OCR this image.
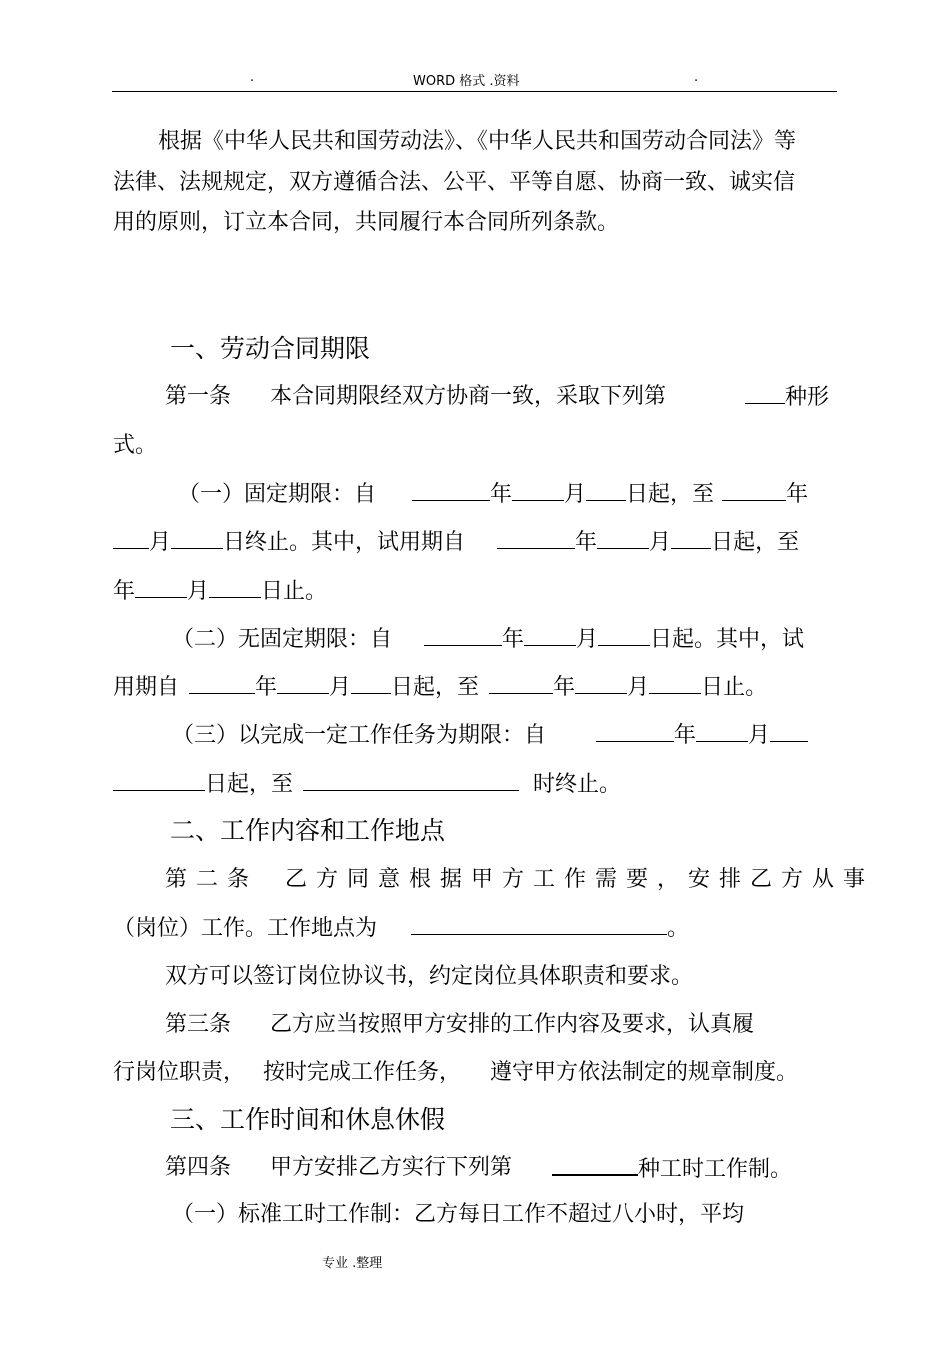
.	WORD 格式 .资料	.
根据《中华人民共和国劳动法》、《中华人民共和国劳动合同法》等
法律、法规规定，双方遵循合法、公平、平等自愿、协商一致、诚实信
用的原则，订立本合同，共同履行本合同所列条款。
一、劳动合同期限
第一条 本合同期限经双方协商一致，采取下列第	种形
式。
（一）固定期限：自	年 月 日起，至	年
月 日终止。其中，试用期自	年 月 日起，至
年 月 日止。
（二）无固定期限：自	年 月 日起。其中，试
用期自	年 月 日起，至	年 月 日止。
（三）以完成一定工作任务为期限：自	年 月
日起，至	时终止。
二、工作内容和工作地点
第二条 乙方同意根据甲方工作需要，安排乙方从事
（岗位）工作。工作地点为	。
双方可以签订岗位协议书，约定岗位具体职责和要求。
第三条 乙方应当按照甲方安排的工作内容及要求，认真履
行岗位职责， 按时完成工作任务， 遵守甲方依法制定的规章制度。
三、工作时间和休息休假
第四条 甲方安排乙方实行下列第	种工时工作制。
（一）标准工时工作制：乙方每日工作不超过八小时，平均
专业 .整理
